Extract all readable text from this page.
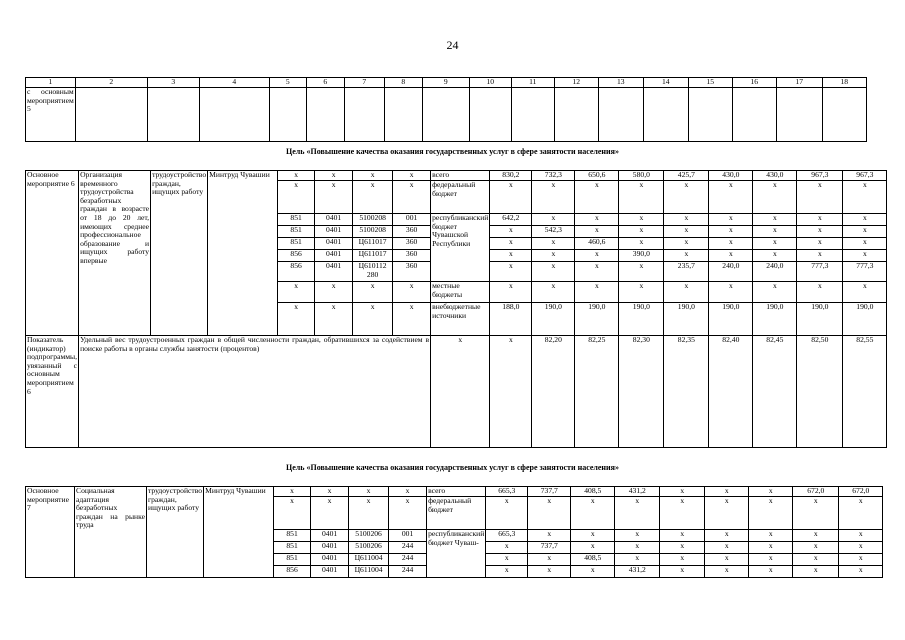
24
1	2	3	4	5	6	7	8	9	10	11	12	13	14	15	16	17	18
с основным мероприятием 5																	
Цель «Повышение качества оказания государственных услуг в сфере занятости населения»
Основное мероприятие 6	Организация временного трудоустройства безработных граждан в возрасте от 18 до 20 лет, имеющих среднее профессиональное образование и ищущих работу впервые	трудоустройство граждан, ищущих работу	Минтруд Чувашии	x	x	x	x	всего	830,2	732,3	650,6	580,0	425,7	430,0	430,0	967,3	967,3
				x	x	x	x	федеральный бюджет	x	x	x	x	x	x	x	x	x
				851	0401	5100208	001	республиканский бюджет Чувашской Республики	642,2	x	x	x	x	x	x	x	x
				851	0401	5100208	360		x	542,3	x	x	x	x	x	x	x
				851	0401	Ц611017	360		x	x	460,6	x	x	x	x	x	x
				856	0401	Ц611017	360		x	x	x	390,0	x	x	x	x	x
				856	0401	Ц610112 280	360		x	x	x	x	235,7	240,0	240,0	777,3	777,3
				x	x	x	x	местные бюджеты	x	x	x	x	x	x	x	x	x
				x	x	x	x	внебюджетные источники	188,0	190,0	190,0	190,0	190,0	190,0	190,0	190,0	190,0
Показатель (индикатор) подпрограммы, увязанный с основным мероприятием 6	Удельный вес трудоустроенных граждан в общей численности граждан, обратившихся за содействием в поиске работы в органы службы занятости (процентов)							x	x	82,20	82,25	82,30	82,35	82,40	82,45	82,50	82,55
Цель «Повышение качества оказания государственных услуг в сфере занятости населения»
Основное мероприятие 7	Социальная адаптация безработных граждан на рынке труда	трудоустройство граждан, ищущих работу	Минтруд Чувашии	x	x	x	x	всего	665,3	737,7	408,5	431,2	x	x	x	672,0	672,0
				x	x	x	x	федеральный бюджет	x	x	x	x	x	x	x	x	x
				851	0401	5100206	001	республиканский бюджет Чуваш-	665,3	x	x	x	x	x	x	x	x
				851	0401	5100206	244		x	737,7	x	x	x	x	x	x	x
				851	0401	Ц611004	244		x	x	408,5	x	x	x	x	x	x
				856	0401	Ц611004	244		x	x	x	431,2	x	x	x	x	x
